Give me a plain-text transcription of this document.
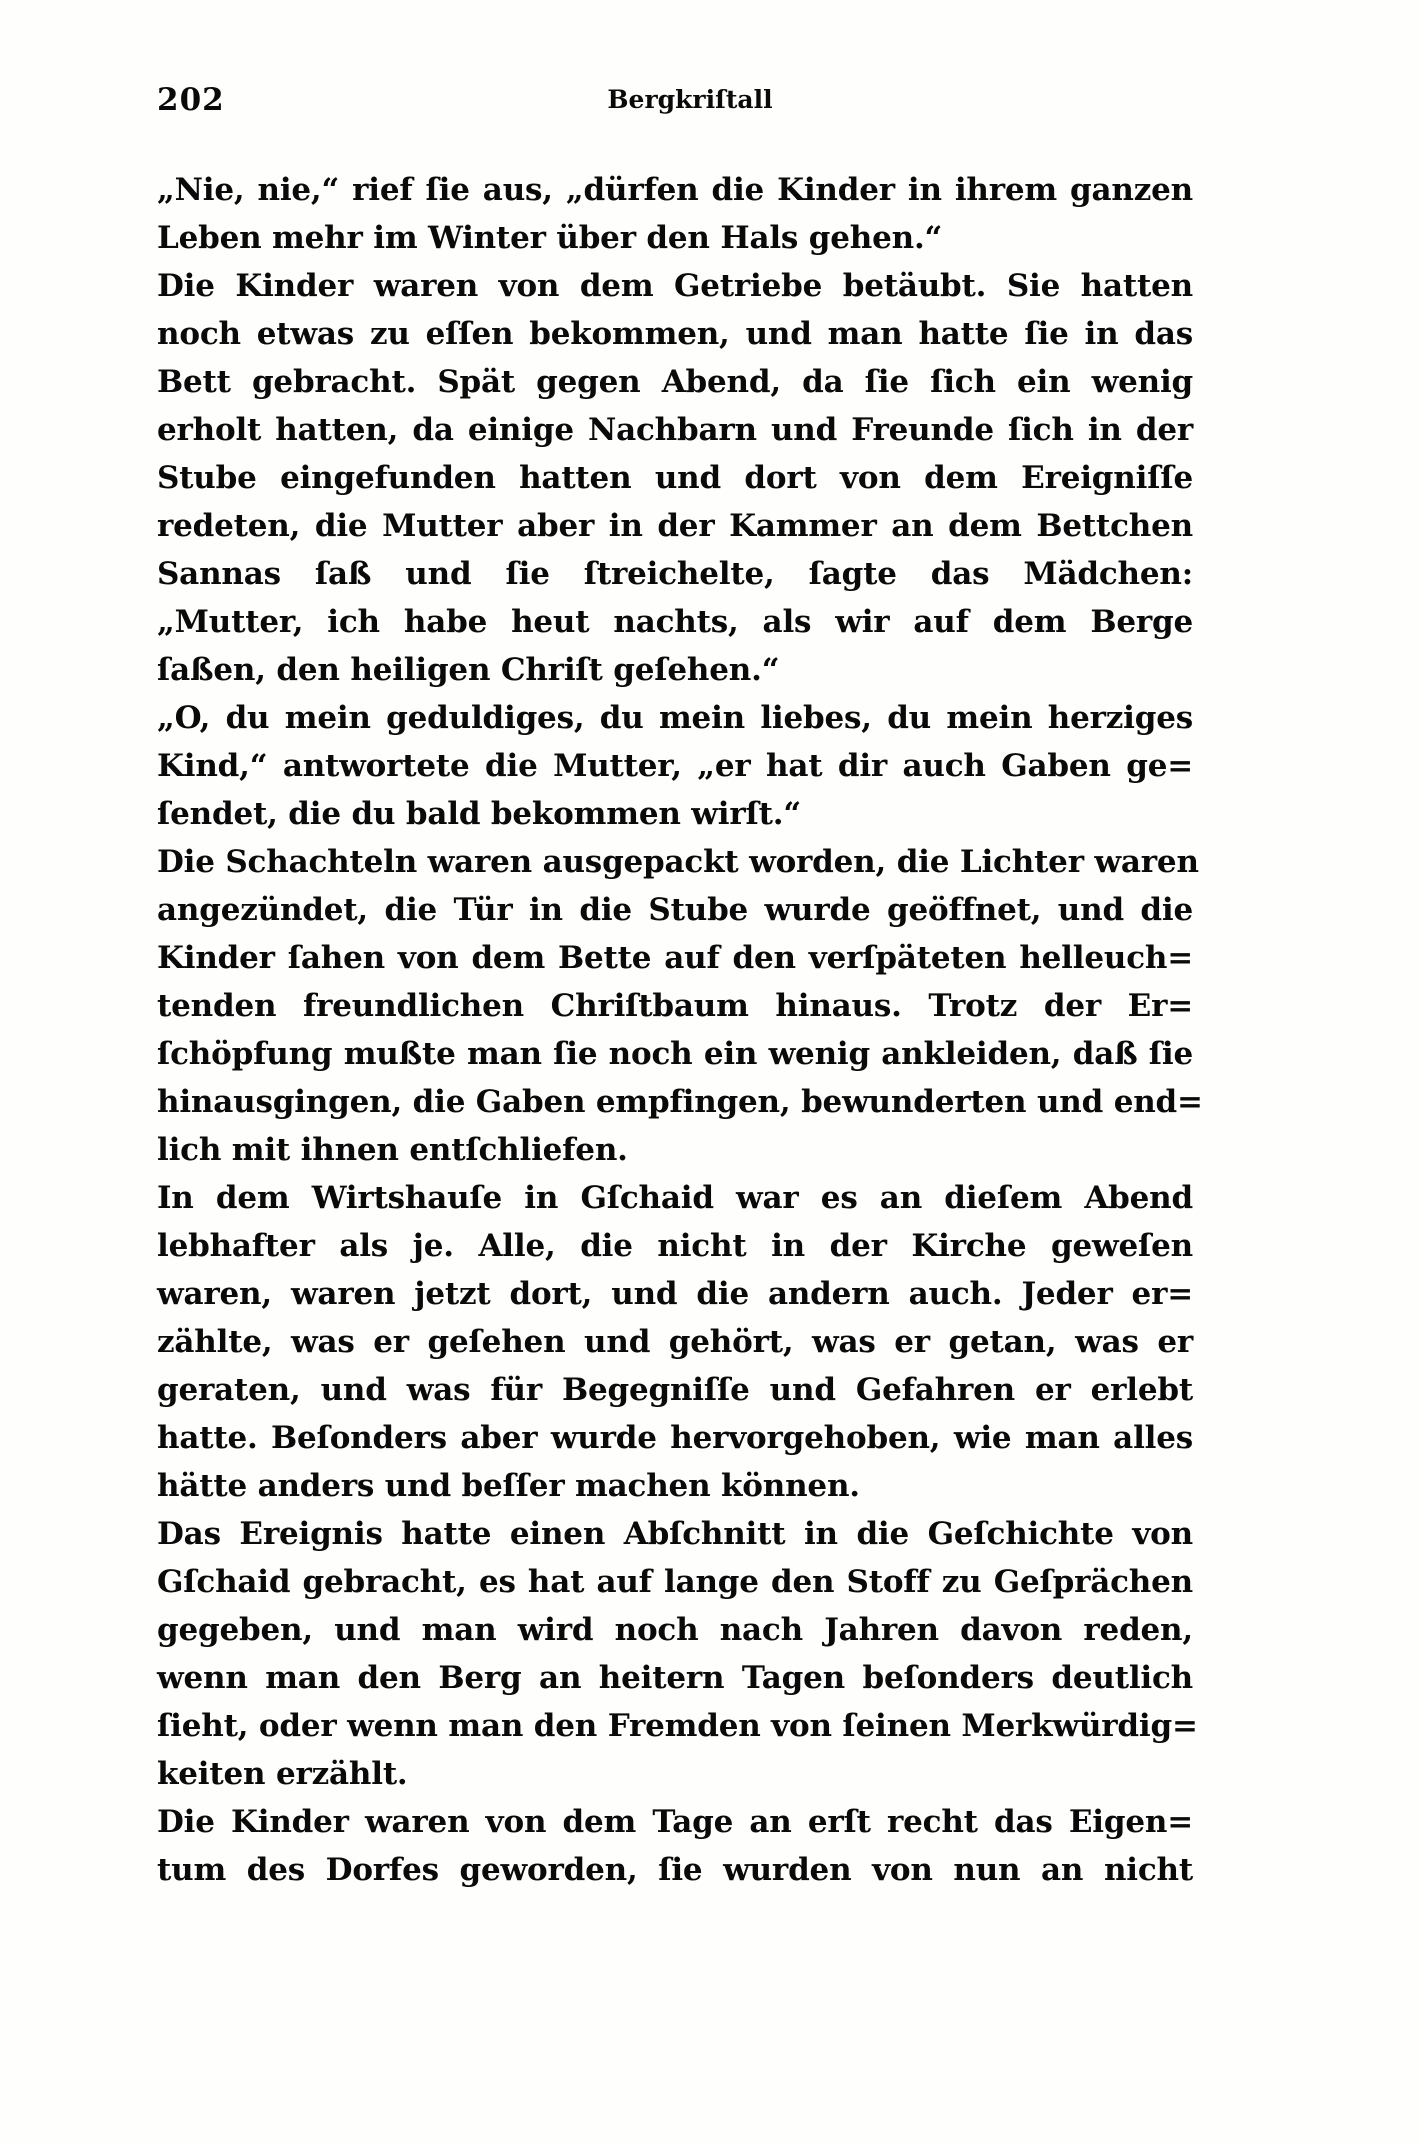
202	Bergkriſtall
„Nie, nie,“ rief ſie aus, „dürfen die Kinder in ihrem ganzen
Leben mehr im Winter über den Hals gehen.“
Die Kinder waren von dem Getriebe betäubt. Sie hatten
noch etwas zu eſſen bekommen, und man hatte ſie in das
Bett gebracht. Spät gegen Abend, da ſie ſich ein wenig
erholt hatten, da einige Nachbarn und Freunde ſich in der
Stube eingefunden hatten und dort von dem Ereigniſſe
redeten, die Mutter aber in der Kammer an dem Bettchen
Sannas ſaß und ſie ſtreichelte, ſagte das Mädchen:
„Mutter, ich habe heut nachts, als wir auf dem Berge
ſaßen, den heiligen Chriſt geſehen.“
„O, du mein geduldiges, du mein liebes, du mein herziges
Kind,“ antwortete die Mutter, „er hat dir auch Gaben ge=
ſendet, die du bald bekommen wirſt.“
Die Schachteln waren ausgepackt worden, die Lichter waren
angezündet, die Tür in die Stube wurde geöffnet, und die
Kinder ſahen von dem Bette auf den verſpäteten helleuch=
tenden freundlichen Chriſtbaum hinaus. Trotz der Er=
ſchöpfung mußte man ſie noch ein wenig ankleiden, daß ſie
hinausgingen, die Gaben empfingen, bewunderten und end=
lich mit ihnen entſchliefen.
In dem Wirtshauſe in Gſchaid war es an dieſem Abend
lebhafter als je. Alle, die nicht in der Kirche geweſen
waren, waren jetzt dort, und die andern auch. Jeder er=
zählte, was er geſehen und gehört, was er getan, was er
geraten, und was für Begegniſſe und Gefahren er erlebt
hatte. Beſonders aber wurde hervorgehoben, wie man alles
hätte anders und beſſer machen können.
Das Ereignis hatte einen Abſchnitt in die Geſchichte von
Gſchaid gebracht, es hat auf lange den Stoff zu Geſprächen
gegeben, und man wird noch nach Jahren davon reden,
wenn man den Berg an heitern Tagen beſonders deutlich
ſieht, oder wenn man den Fremden von ſeinen Merkwürdig=
keiten erzählt.
Die Kinder waren von dem Tage an erſt recht das Eigen=
tum des Dorfes geworden, ſie wurden von nun an nicht
